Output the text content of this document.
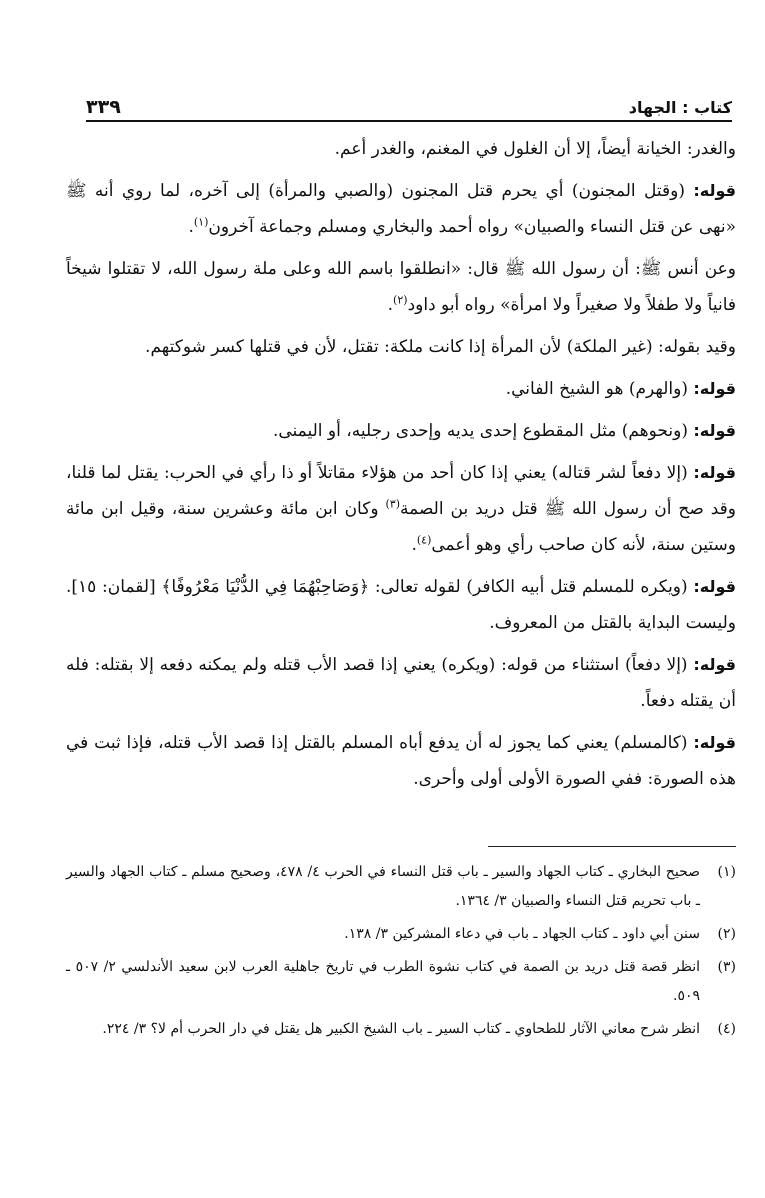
كتاب : الجهاد
٣٣٩

والغدر: الخيانة أيضاً، إلا أن الغلول في المغنم، والغدر أعم.

قوله: (وقتل المجنون) أي يحرم قتل المجنون (والصبي والمرأة) إلى آخره، لما روي أنه ﷺ «نهى عن قتل النساء والصبيان» رواه أحمد والبخاري ومسلم وجماعة آخرون$^{(١)}$.

وعن أنس ﷺ: أن رسول الله ﷺ قال: «انطلقوا باسم الله وعلى ملة رسول الله، لا تقتلوا شيخاً فانياً ولا طفلاً ولا صغيراً ولا امرأة» رواه أبو داود$^{(٢)}$.

وقيد بقوله: (غير الملكة) لأن المرأة إذا كانت ملكة: تقتل، لأن في قتلها كسر شوكتهم.

قوله: (والهرم) هو الشيخ الفاني.

قوله: (ونحوهم) مثل المقطوع إحدى يديه وإحدى رجليه، أو اليمنى.

قوله: (إلا دفعاً لشر قتاله) يعني إذا كان أحد من هؤلاء مقاتلاً أو ذا رأي في الحرب: يقتل لما قلنا، وقد صح أن رسول الله ﷺ قتل دريد بن الصمة$^{(٣)}$ وكان ابن مائة وعشرين سنة، وقيل ابن مائة وستين سنة، لأنه كان صاحب رأي وهو أعمى$^{(٤)}$.

قوله: (ويكره للمسلم قتل أبيه الكافر) لقوله تعالى: ﴿وَصَاحِبْهُمَا فِي الدُّنْيَا مَعْرُوفًا﴾ [لقمان: ١٥]. وليست البداية بالقتل من المعروف.

قوله: (إلا دفعاً) استثناء من قوله: (ويكره) يعني إذا قصد الأب قتله ولم يمكنه دفعه إلا بقتله: فله أن يقتله دفعاً.

قوله: (كالمسلم) يعني كما يجوز له أن يدفع أباه المسلم بالقتل إذا قصد الأب قتله، فإذا ثبت في هذه الصورة: ففي الصورة الأولى أولى وأحرى.

(١)
صحيح البخاري ـ كتاب الجهاد والسير ـ باب قتل النساء في الحرب ٤/ ٤٧٨، وصحيح مسلم ـ كتاب الجهاد والسير ـ باب تحريم قتل النساء والصبيان ٣/ ١٣٦٤.
(٢)
سنن أبي داود ـ كتاب الجهاد ـ باب في دعاء المشركين ٣/ ١٣٨.
(٣)
انظر قصة قتل دريد بن الصمة في كتاب نشوة الطرب في تاريخ جاهلية العرب لابن سعيد الأندلسي ٢/ ٥٠٧ ـ ٥٠٩.
(٤)
انظر شرح معاني الآثار للطحاوي ـ كتاب السير ـ باب الشيخ الكبير هل يقتل في دار الحرب أم لا؟ ٣/ ٢٢٤.
